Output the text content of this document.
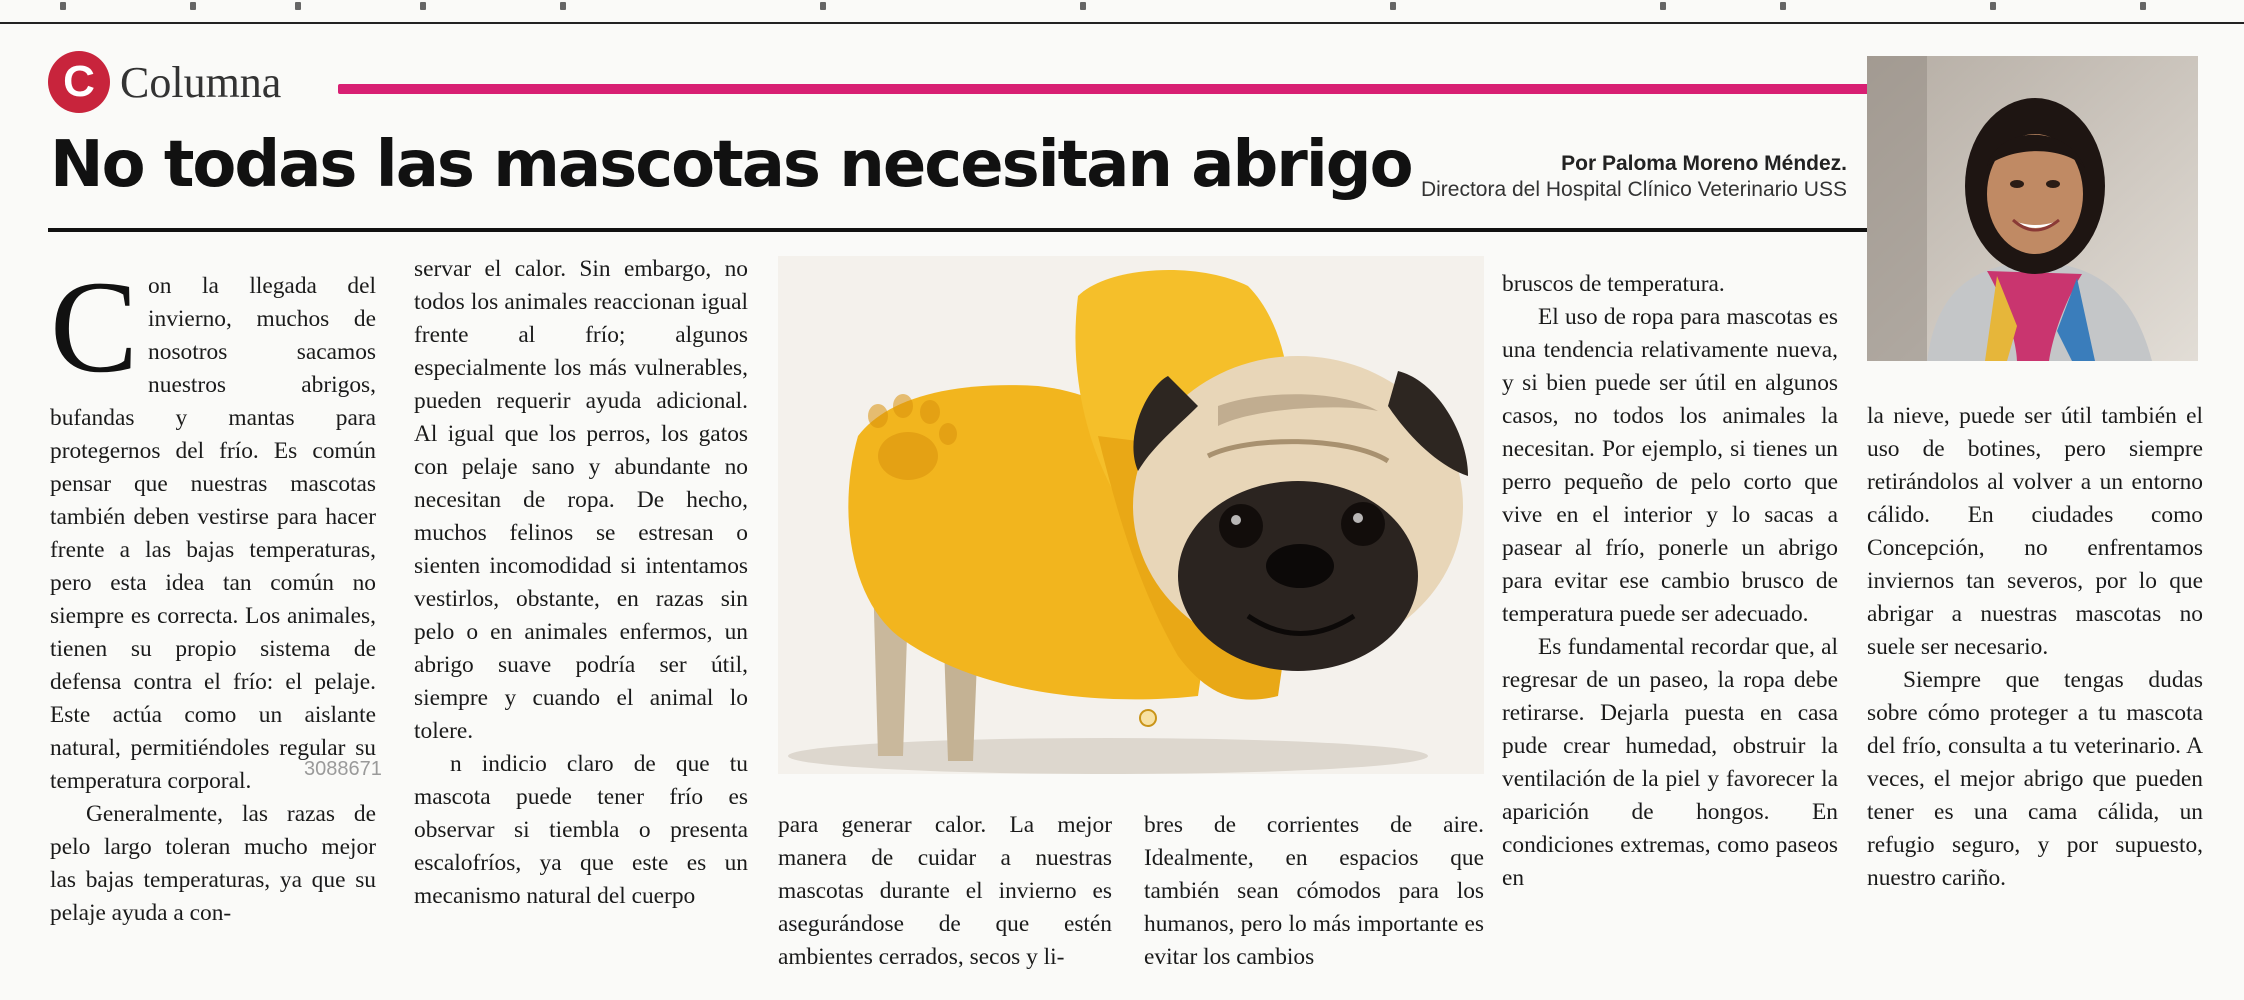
C Columna
No todas las mascotas necesitan abrigo	Por Paloma Moreno Méndez.
Directora del Hospital Clínico Veterinario USS

Con la llegada del invierno, muchos de nosotros sacamos nuestros abrigos, bufandas y mantas para protegernos del frío. Es común pensar que nuestras mascotas también deben vestirse para hacer frente a las bajas temperaturas, pero esta idea tan común no siempre es correcta. Los animales, tienen su propio sistema de defensa contra el frío: el pelaje. Este actúa como un aislante natural, permitiéndoles regular su temperatura corporal.

Generalmente, las razas de pelo largo toleran mucho mejor las bajas temperaturas, ya que su pelaje ayuda a con-

servar el calor. Sin embargo, no todos los animales reaccionan igual frente al frío; algunos especialmente los más vulnerables, pueden requerir ayuda adicional. Al igual que los perros, los gatos con pelaje sano y abundante no necesitan de ropa. De hecho, muchos felinos se estresan o sienten incomodidad si intentamos vestirlos, obstante, en razas sin pelo o en animales enfermos, un abrigo suave podría ser útil, siempre y cuando el animal lo tolere.

n indicio claro de que tu mascota puede tener frío es observar si tiembla o presenta escalofríos, ya que este es un mecanismo natural del cuerpo

3088671

para generar calor. La mejor manera de cuidar a nuestras mascotas durante el invierno es asegurándose de que estén ambientes cerrados, secos y li-

bres de corrientes de aire. Idealmente, en espacios que también sean cómodos para los humanos, pero lo más importante es evitar los cambios

bruscos de temperatura.

El uso de ropa para mascotas es una tendencia relativamente nueva, y si bien puede ser útil en algunos casos, no todos los animales la necesitan. Por ejemplo, si tienes un perro pequeño de pelo corto que vive en el interior y lo sacas a pasear al frío, ponerle un abrigo para evitar ese cambio brusco de temperatura puede ser adecuado.

Es fundamental recordar que, al regresar de un paseo, la ropa debe retirarse. Dejarla puesta en casa pude crear humedad, obstruir la ventilación de la piel y favorecer la aparición de hongos. En condiciones extremas, como paseos en

la nieve, puede ser útil también el uso de botines, pero siempre retirándolos al volver a un entorno cálido. En ciudades como Concepción, no enfrentamos inviernos tan severos, por lo que abrigar a nuestras mascotas no suele ser necesario.

Siempre que tengas dudas sobre cómo proteger a tu mascota del frío, consulta a tu veterinario. A veces, el mejor abrigo que pueden tener es una cama cálida, un refugio seguro, y por supuesto, nuestro cariño.
